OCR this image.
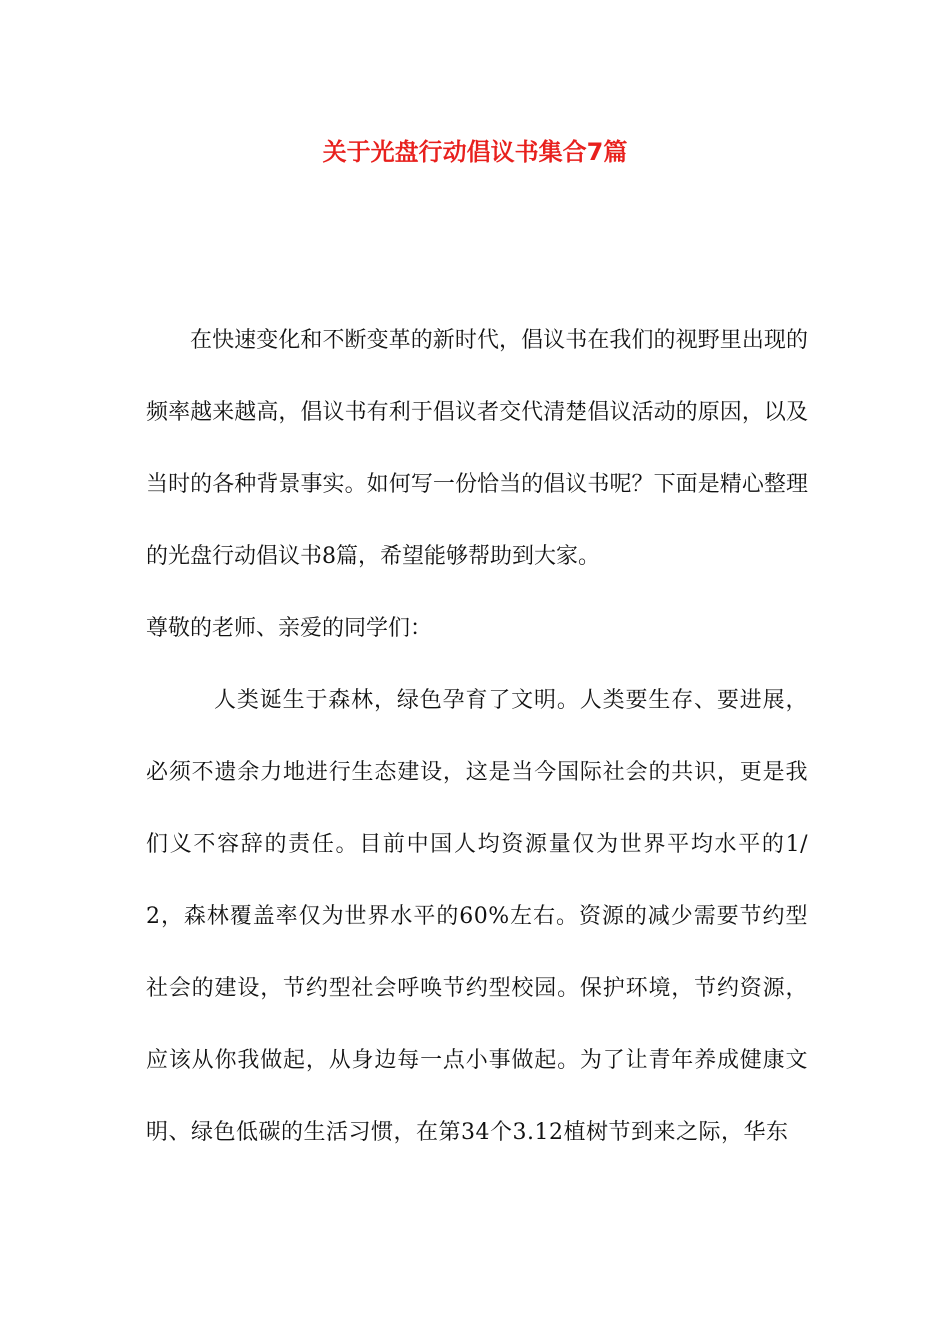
关于光盘行动倡议书集合7篇

在快速变化和不断变革的新时代，倡议书在我们的视野里出现的频率越来越高，倡议书有利于倡议者交代清楚倡议活动的原因，以及当时的各种背景事实。如何写一份恰当的倡议书呢？下面是精心整理的光盘行动倡议书8篇，希望能够帮助到大家。

尊敬的老师、亲爱的同学们：

人类诞生于森林，绿色孕育了文明。人类要生存、要进展，必须不遗余力地进行生态建设，这是当今国际社会的共识，更是我们义不容辞的责任。目前中国人均资源量仅为世界平均水平的1/2，森林覆盖率仅为世界水平的60%左右。资源的减少需要节约型社会的建设，节约型社会呼唤节约型校园。保护环境，节约资源，应该从你我做起，从身边每一点小事做起。为了让青年养成健康文明、绿色低碳的生活习惯，在第34个3.12植树节到来之际，华东
